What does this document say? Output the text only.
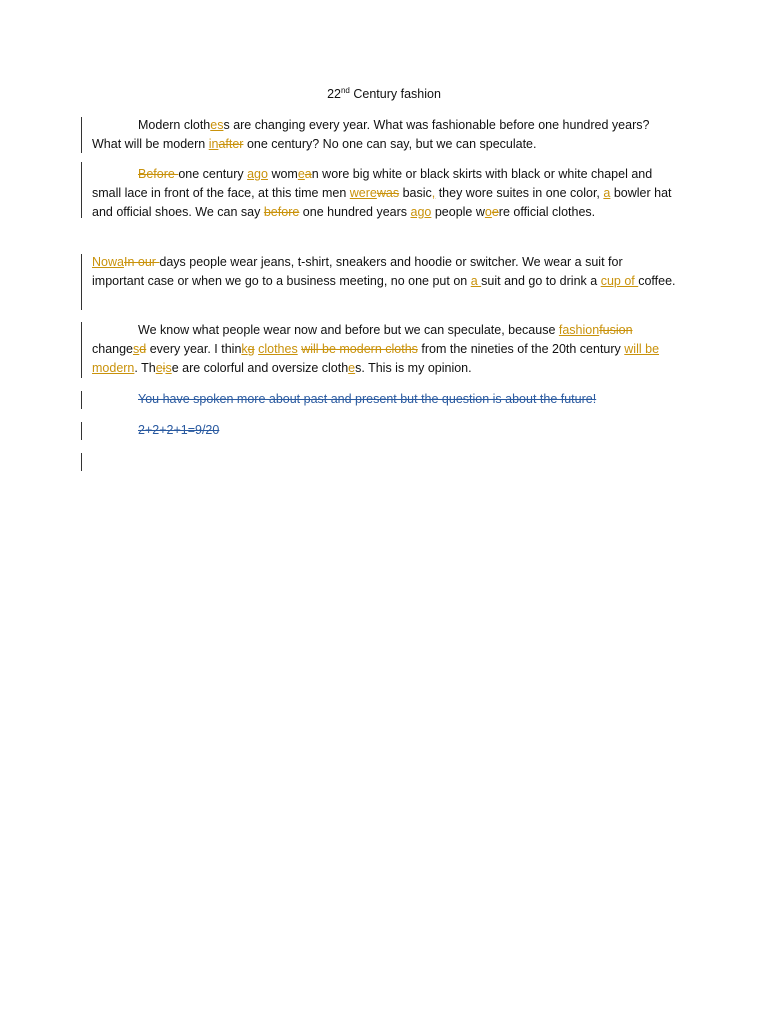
22nd Century fashion
Modern clothess are changing every year. What was fashionable before one hundred years? What will be modern inafter one century? No one can say, but we can speculate.
Before one century ago womean wore big white or black skirts with black or white chapel and small lace in front of the face, at this time men werewas basic, they wore suites in one color, a bowler hat and official shoes. We can say before one hundred years ago people woere official clothes.
NowaIn our days people wear jeans, t-shirt, sneakers and hoodie or switcher. We wear a suit for important case or when we go to a business meeting, no one put on a suit and go to drink a cup of coffee.
We know what people wear now and before but we can speculate, because fashionfusion changesd every year. I thinkg clothes will be modern cloths from the nineties of the 20th century will be modern. Theise are colorful and oversize clothes. This is my opinion.
You have spoken more about past and present but the question is about the future!
2+2+2+1=9/20
